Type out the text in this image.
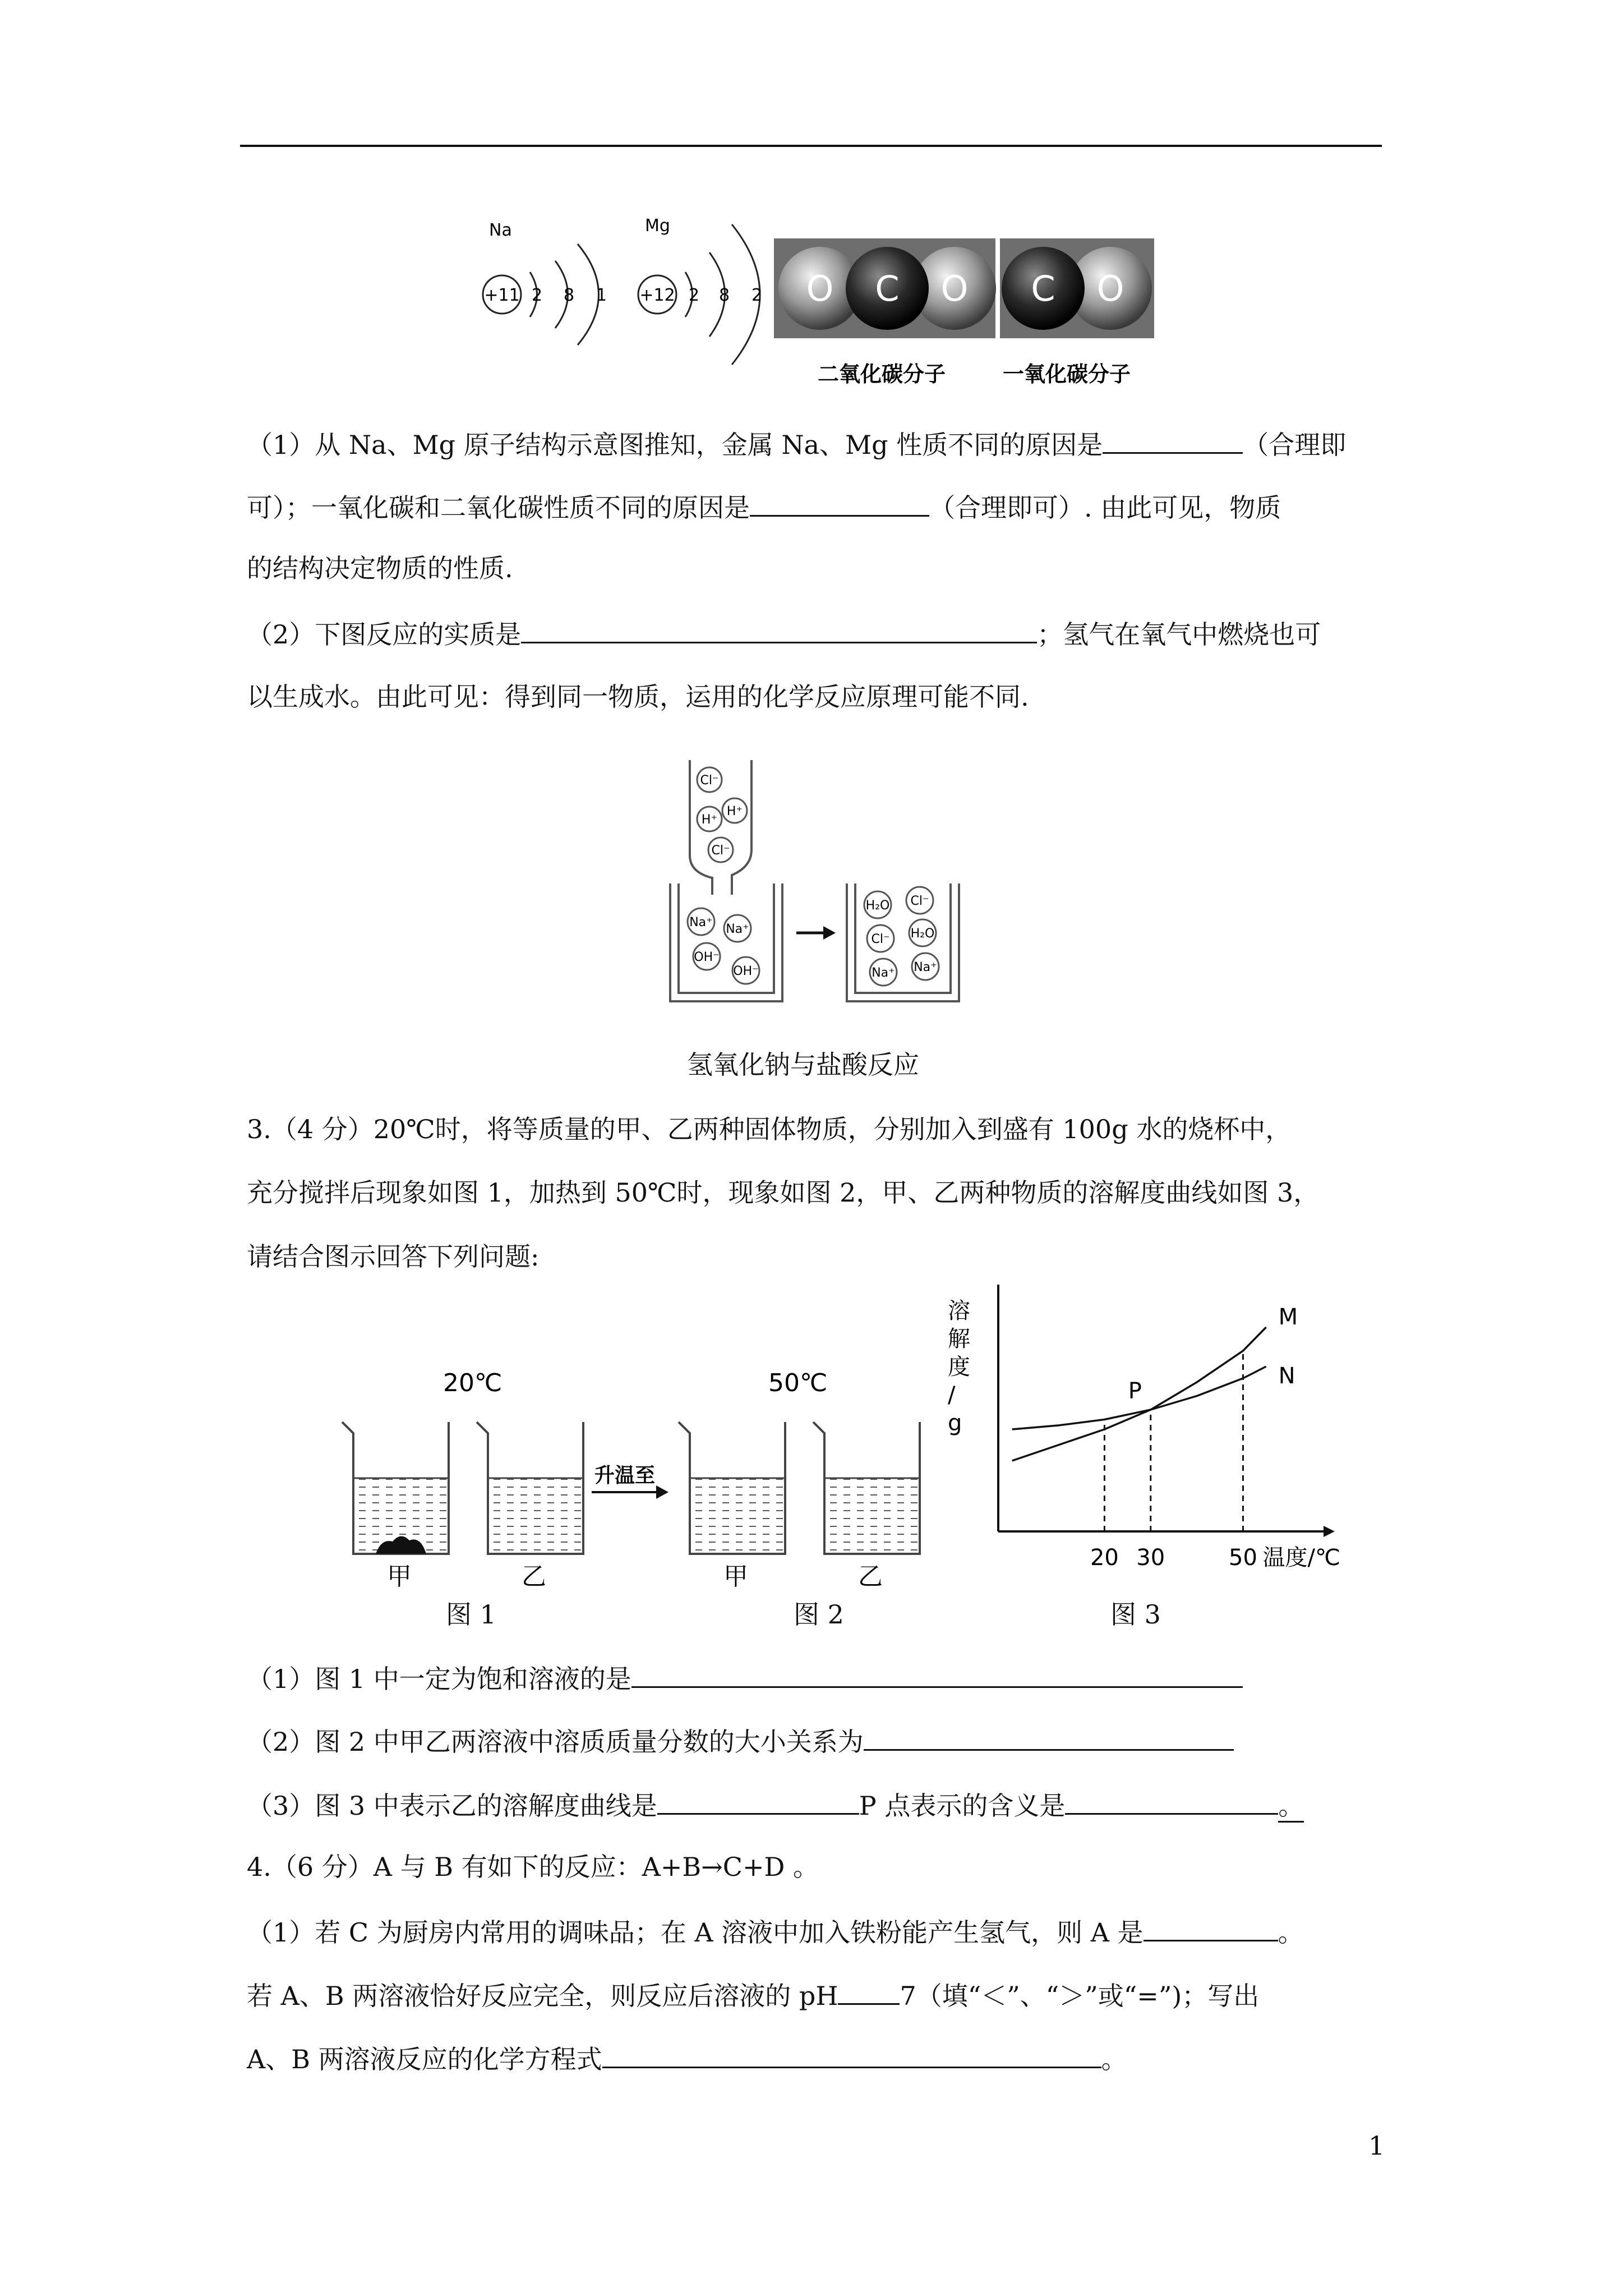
Na
+11 2 8 1
Mg
+12 2 8 2 O C O C O
二氧化碳分子	一氧化碳分子
（1）从 Na、Mg 原子结构示意图推知，金属 Na、Mg 性质不同的原因是	（合理即
可）；一氧化碳和二氧化碳性质不同的原因是	（合理即可）. 由此可见，物质
的结构决定物质的性质.
（2）下图反应的实质是	；氢气在氧气中燃烧也可
以生成水。由此可见：得到同一物质，运用的化学反应原理可能不同.
Cl⁻
H⁺
H⁺
Cl⁻
Na⁺ Na⁺
OH⁻
OH⁻
H₂O Cl⁻
Cl⁻ H₂O
Na⁺ Na⁺
氢氧化钠与盐酸反应
3.（4 分）20℃时，将等质量的甲、乙两种固体物质，分别加入到盛有 100g 水的烧杯中，
充分搅拌后现象如图 1，加热到 50℃时，现象如图 2，甲、乙两种物质的溶解度曲线如图 3，
请结合图示回答下列问题:
20℃	50℃
升温至
甲	乙	甲	乙
溶解度/ g
M
N
P
20 30	50 温度/℃
图 1	图 2	图 3
（1）图 1 中一定为饱和溶液的是
（2）图 2 中甲乙两溶液中溶质质量分数的大小关系为
（3）图 3 中表示乙的溶解度曲线是	P 点表示的含义是	。
4.（6 分）A 与 B 有如下的反应：A+B→C+D 。
（1）若 C 为厨房内常用的调味品；在 A 溶液中加入铁粉能产生氢气，则 A 是	。
若 A、B 两溶液恰好反应完全，则反应后溶液的 pH 7（填“＜”、“＞”或“=”)；写出
A、B 两溶液反应的化学方程式	。
1
